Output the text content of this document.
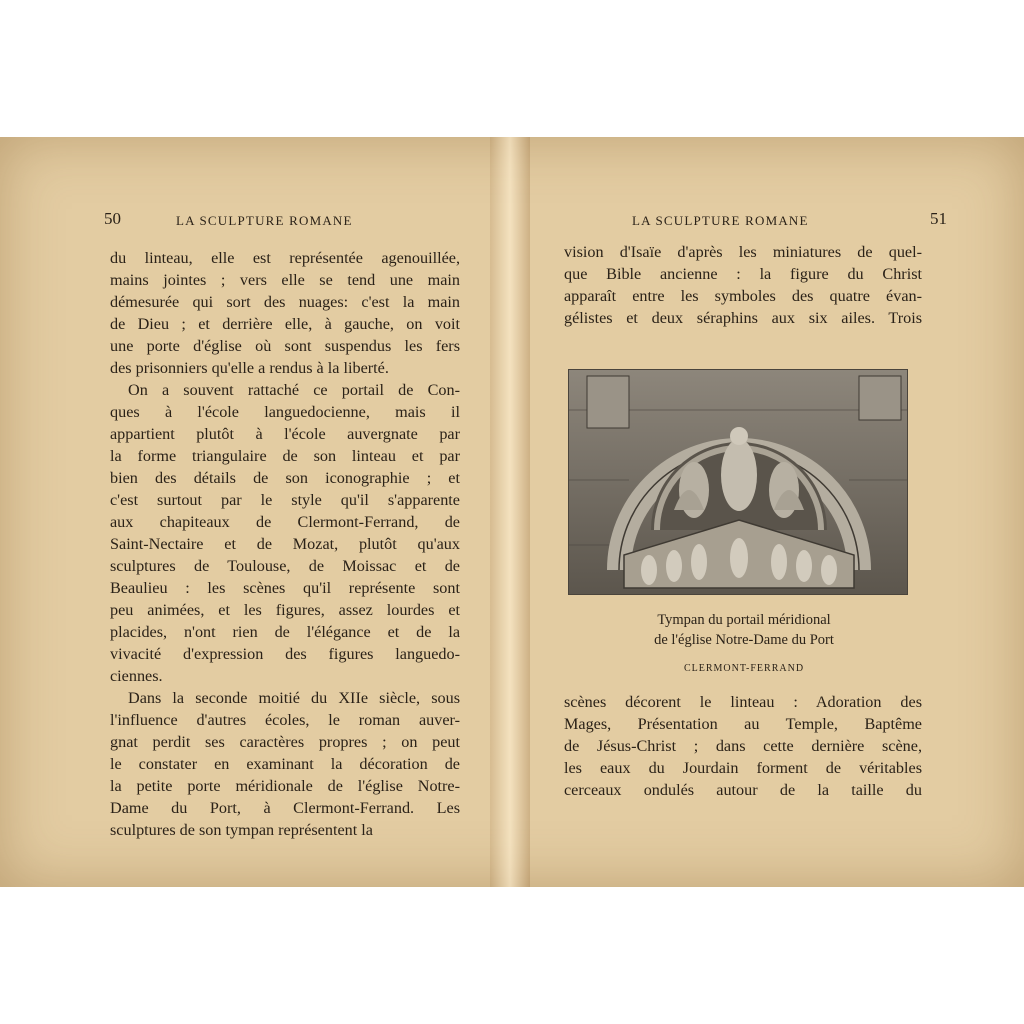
50	LA SCULPTURE ROMANE
du linteau, elle est représentée agenouillée,
mains jointes ; vers elle se tend une main
démesurée qui sort des nuages: c'est la main
de Dieu ; et derrière elle, à gauche, on voit
une porte d'église où sont suspendus les fers
des prisonniers qu'elle a rendus à la liberté.
On a souvent rattaché ce portail de Con-
ques à l'école languedocienne, mais il
appartient plutôt à l'école auvergnate par
la forme triangulaire de son linteau et par
bien des détails de son iconographie ; et
c'est surtout par le style qu'il s'apparente
aux chapiteaux de Clermont-Ferrand, de
Saint-Nectaire et de Mozat, plutôt qu'aux
sculptures de Toulouse, de Moissac et de
Beaulieu : les scènes qu'il représente sont
peu animées, et les figures, assez lourdes et
placides, n'ont rien de l'élégance et de la
vivacité d'expression des figures languedo-
ciennes.
Dans la seconde moitié du XIIe siècle, sous
l'influence d'autres écoles, le roman auver-
gnat perdit ses caractères propres ; on peut
le constater en examinant la décoration de
la petite porte méridionale de l'église Notre-
Dame du Port, à Clermont-Ferrand. Les
sculptures de son tympan représentent la
LA SCULPTURE ROMANE	51
vision d'Isaïe d'après les miniatures de quel-
que Bible ancienne : la figure du Christ
apparaît entre les symboles des quatre évan-
gélistes et deux séraphins aux six ailes. Trois
Tympan du portail méridional
de l'église Notre-Dame du Port
CLERMONT-FERRAND
scènes décorent le linteau : Adoration des
Mages, Présentation au Temple, Baptême
de Jésus-Christ ; dans cette dernière scène,
les eaux du Jourdain forment de véritables
cerceaux ondulés autour de la taille du
